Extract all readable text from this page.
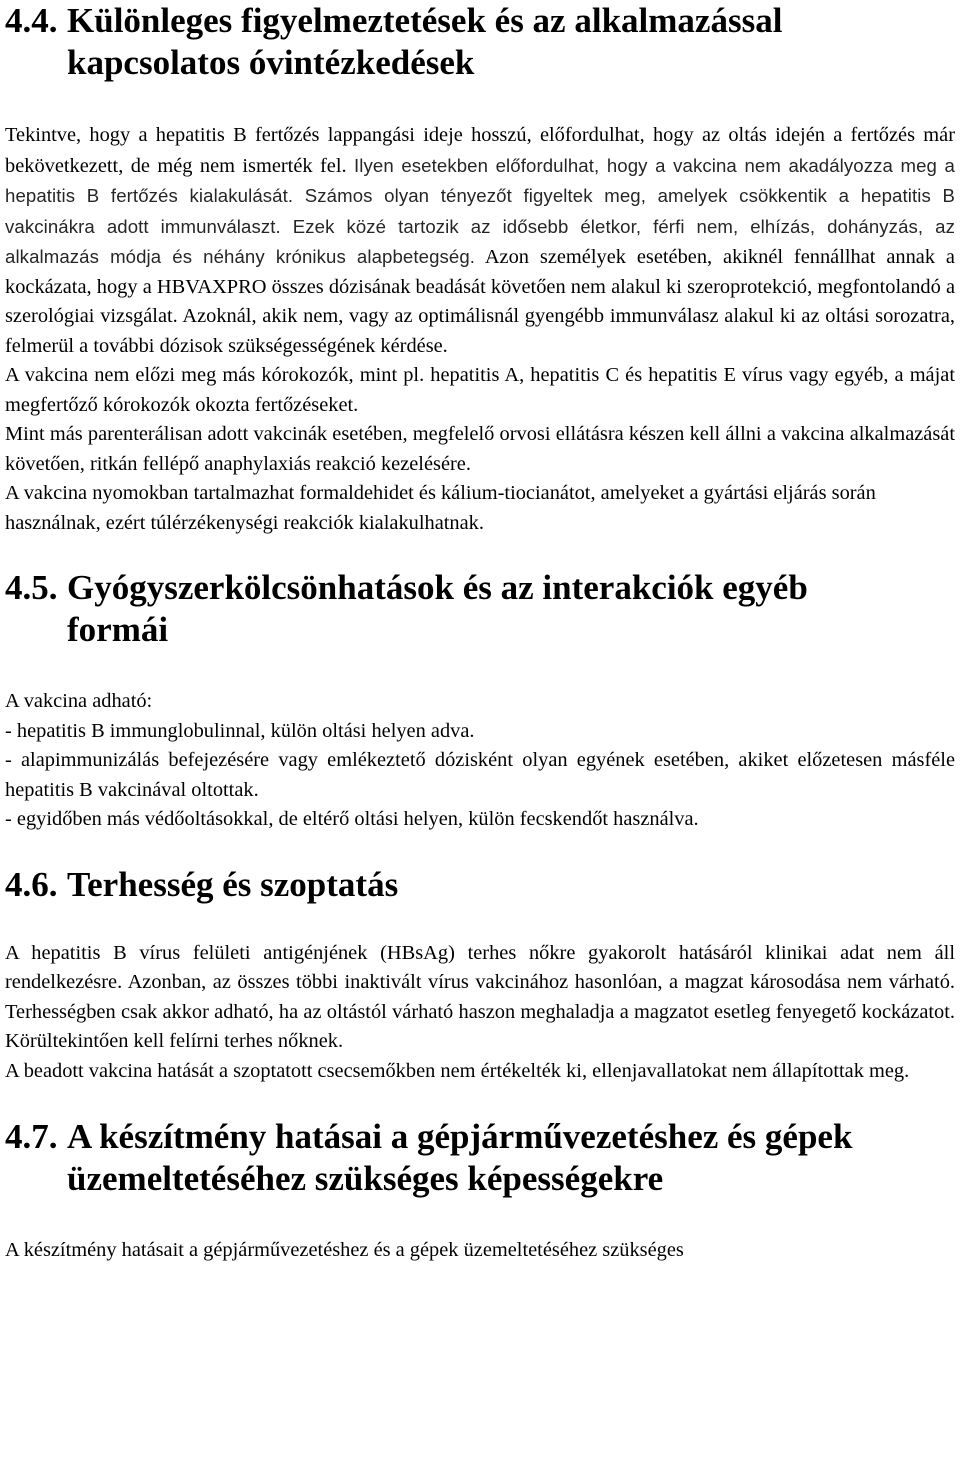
4.4. Különleges figyelmeztetések és az alkalmazással
kapcsolatos óvintézkedések

Tekintve, hogy a hepatitis B fertőzés lappangási ideje hosszú, előfordulhat, hogy az oltás idején a fertőzés már bekövetkezett, de még nem ismerték fel. Ilyen esetekben előfordulhat, hogy a vakcina nem akadályozza meg a hepatitis B fertőzés kialakulását. Számos olyan tényezőt figyeltek meg, amelyek csökkentik a hepatitis B vakcinákra adott immunválaszt. Ezek közé tartozik az idősebb életkor, férfi nem, elhízás, dohányzás, az alkalmazás módja és néhány krónikus alapbetegség. Azon személyek esetében, akiknél fennállhat annak a kockázata, hogy a HBVAXPRO összes dózisának beadását követően nem alakul ki szeroprotekció, megfontolandó a szerológiai vizsgálat. Azoknál, akik nem, vagy az optimálisnál gyengébb immunválasz alakul ki az oltási sorozatra, felmerül a további dózisok szükségességének kérdése.

A vakcina nem előzi meg más kórokozók, mint pl. hepatitis A, hepatitis C és hepatitis E vírus vagy egyéb, a májat megfertőző kórokozók okozta fertőzéseket.

Mint más parenterálisan adott vakcinák esetében, megfelelő orvosi ellátásra készen kell állni a vakcina alkalmazását követően, ritkán fellépő anaphylaxiás reakció kezelésére.

A vakcina nyomokban tartalmazhat formaldehidet és kálium-tiocianátot, amelyeket a gyártási eljárás során használnak, ezért túlérzékenységi reakciók kialakulhatnak.

4.5. Gyógyszerkölcsönhatások és az interakciók egyéb
formái

A vakcina adható:

- hepatitis B immunglobulinnal, külön oltási helyen adva.

- alapimmunizálás befejezésére vagy emlékeztető dózisként olyan egyének esetében, akiket előzetesen másféle hepatitis B vakcinával oltottak.

- egyidőben más védőoltásokkal, de eltérő oltási helyen, külön fecskendőt használva.

4.6. Terhesség és szoptatás

A hepatitis B vírus felületi antigénjének (HBsAg) terhes nőkre gyakorolt hatásáról klinikai adat nem áll rendelkezésre. Azonban, az összes többi inaktivált vírus vakcinához hasonlóan, a magzat károsodása nem várható. Terhességben csak akkor adható, ha az oltástól várható haszon meghaladja a magzatot esetleg fenyegető kockázatot. Körültekintően kell felírni terhes nőknek.

A beadott vakcina hatását a szoptatott csecsemőkben nem értékelték ki, ellenjavallatokat nem állapítottak meg.

4.7. A készítmény hatásai a gépjárművezetéshez és gépek
üzemeltetéséhez szükséges képességekre

A készítmény hatásait a gépjárművezetéshez és a gépek üzemeltetéséhez szükséges
